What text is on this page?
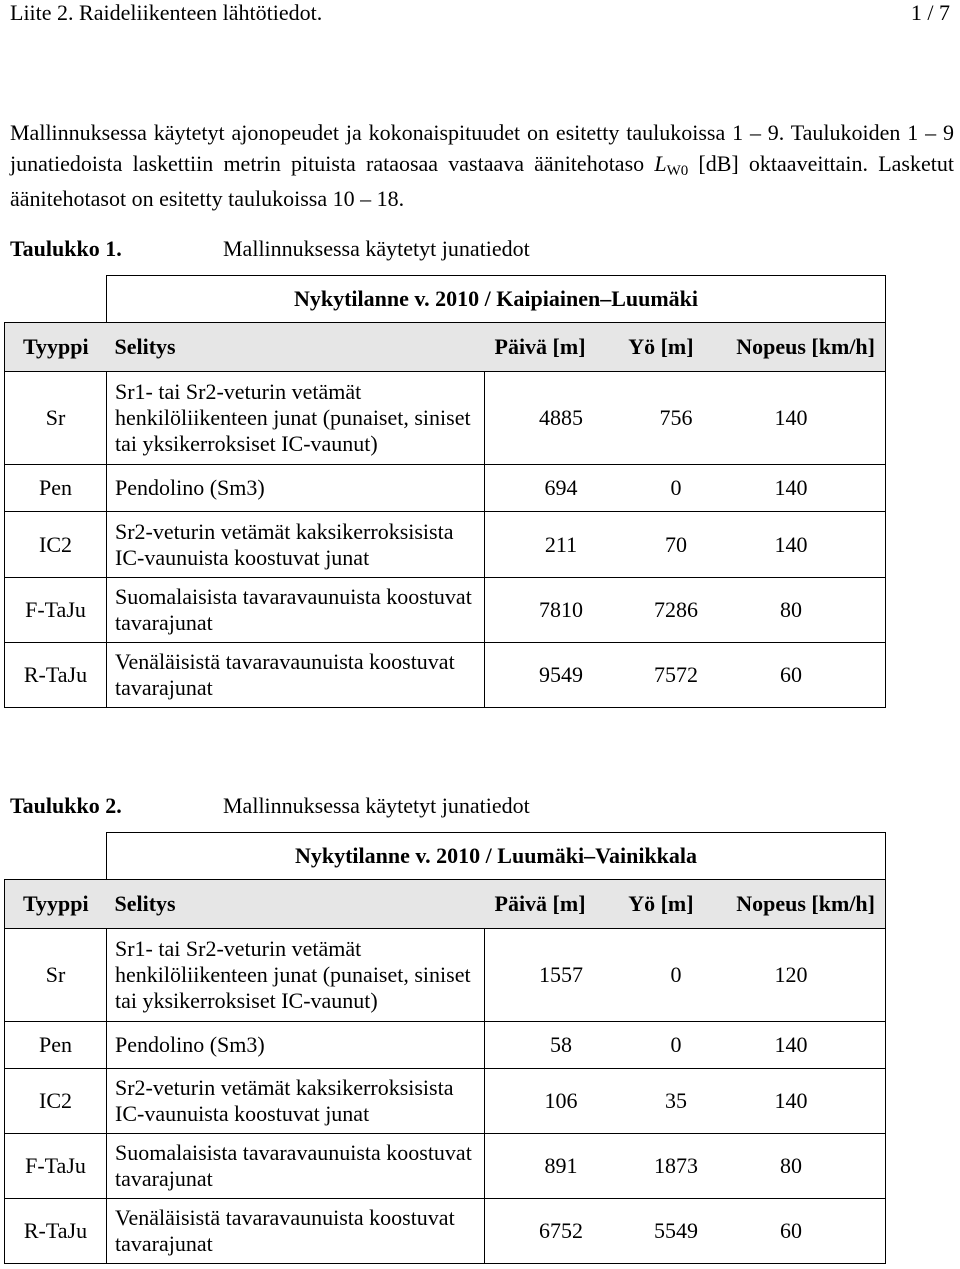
Liite 2. Raideliikenteen lähtötiedot.	1 / 7
Mallinnuksessa käytetyt ajonopeudet ja kokonaispituudet on esitetty taulukoissa 1 – 9. Taulukoiden 1 – 9 junatiedoista laskettiin metrin pituista rataosaa vastaava äänitehotaso $L_{W0}$ [dB] oktaaveittain. Lasketut äänitehotasot on esitetty taulukoissa 10 – 18.
Taulukko 1.	Mallinnuksessa käytetyt junatiedot
	Nykytilanne v. 2010 / Kaipiainen–Luumäki	
Tyyppi	Selitys	Päivä [m] Yö [m] Nopeus [km/h]

Sr	Sr1- tai Sr2-veturin vetämät henkilöliikenteen junat (punaiset, siniset tai yksikerroksiset IC-vaunut)	4885 756 140

Pen	Pendolino (Sm3)	694 0 140

IC2	Sr2-veturin vetämät kaksikerroksisista IC-vaunuista koostuvat junat	211 70 140

F-TaJu	Suomalaisista tavaravaunuista koostuvat tavarajunat	7810 7286 80

R-TaJu	Venäläisistä tavaravaunuista koostuvat tavarajunat	9549 7572 60
Taulukko 2.	Mallinnuksessa käytetyt junatiedot
	Nykytilanne v. 2010 / Luumäki–Vainikkala	
Tyyppi	Selitys	Päivä [m] Yö [m] Nopeus [km/h]

Sr	Sr1- tai Sr2-veturin vetämät henkilöliikenteen junat (punaiset, siniset tai yksikerroksiset IC-vaunut)	1557 0 120

Pen	Pendolino (Sm3)	58 0 140

IC2	Sr2-veturin vetämät kaksikerroksisista IC-vaunuista koostuvat junat	106 35 140

F-TaJu	Suomalaisista tavaravaunuista koostuvat tavarajunat	891 1873 80

R-TaJu	Venäläisistä tavaravaunuista koostuvat tavarajunat	6752 5549 60
